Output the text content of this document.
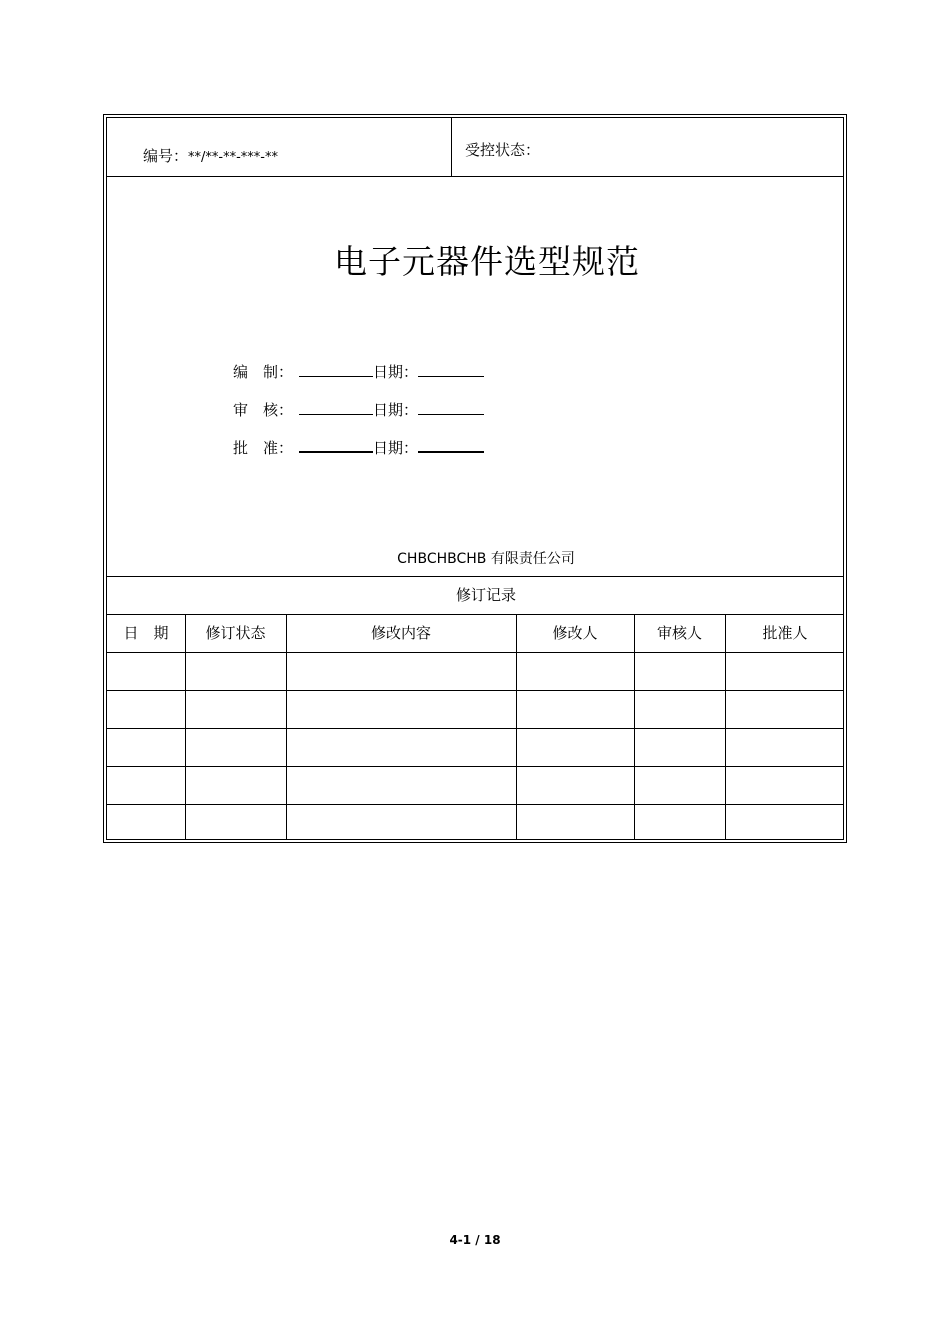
编号：**/**-**-***-**	受控状态：
电子元器件选型规范
编　制：	日期：
审　核：	日期：
批　准：	日期：
CHBCHBCHB 有限责任公司
修订记录
日　期	修订状态	修改内容	修改人	审核人	批准人
4-1 / 18
